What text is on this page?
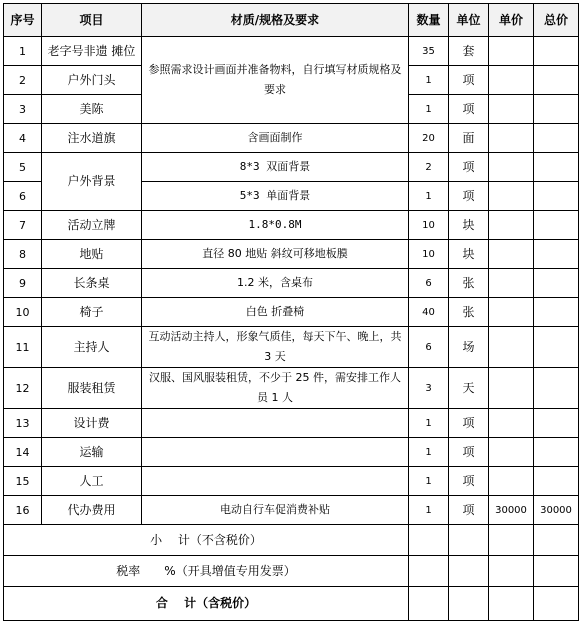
序号	项目	材质/规格及要求	数量	单位	单价	总价
1	老字号非遗 摊位	参照需求设计画面并准备物料，自行填写材质规格及要求	35	套		
2	户外门头		1	项		
3	美陈		1	项		
4	注水道旗	含画面制作	20	面		
5	户外背景	8*3 双面背景	2	项		
6		5*3 单面背景	1	项		
7	活动立牌	1.8*0.8M	10	块		
8	地贴	直径 80 地贴 斜纹可移地板膜	10	块		
9	长条桌	1.2 米，含桌布	6	张		
10	椅子	白色 折叠椅	40	张		
11	主持人	互动活动主持人，形象气质佳，每天下午、晚上，共 3 天	6	场		
12	服装租赁	汉服、国风服装租赁，不少于 25 件，需安排工作人员 1 人	3	天		
13	设计费		1	项		
14	运输		1	项		
15	人工		1	项		
16	代办费用	电动自行车促消费补贴	1	项	30000	30000
小　 计（不含税价）						
税率　　%（开具增值专用发票）						
合　 计（含税价）						
